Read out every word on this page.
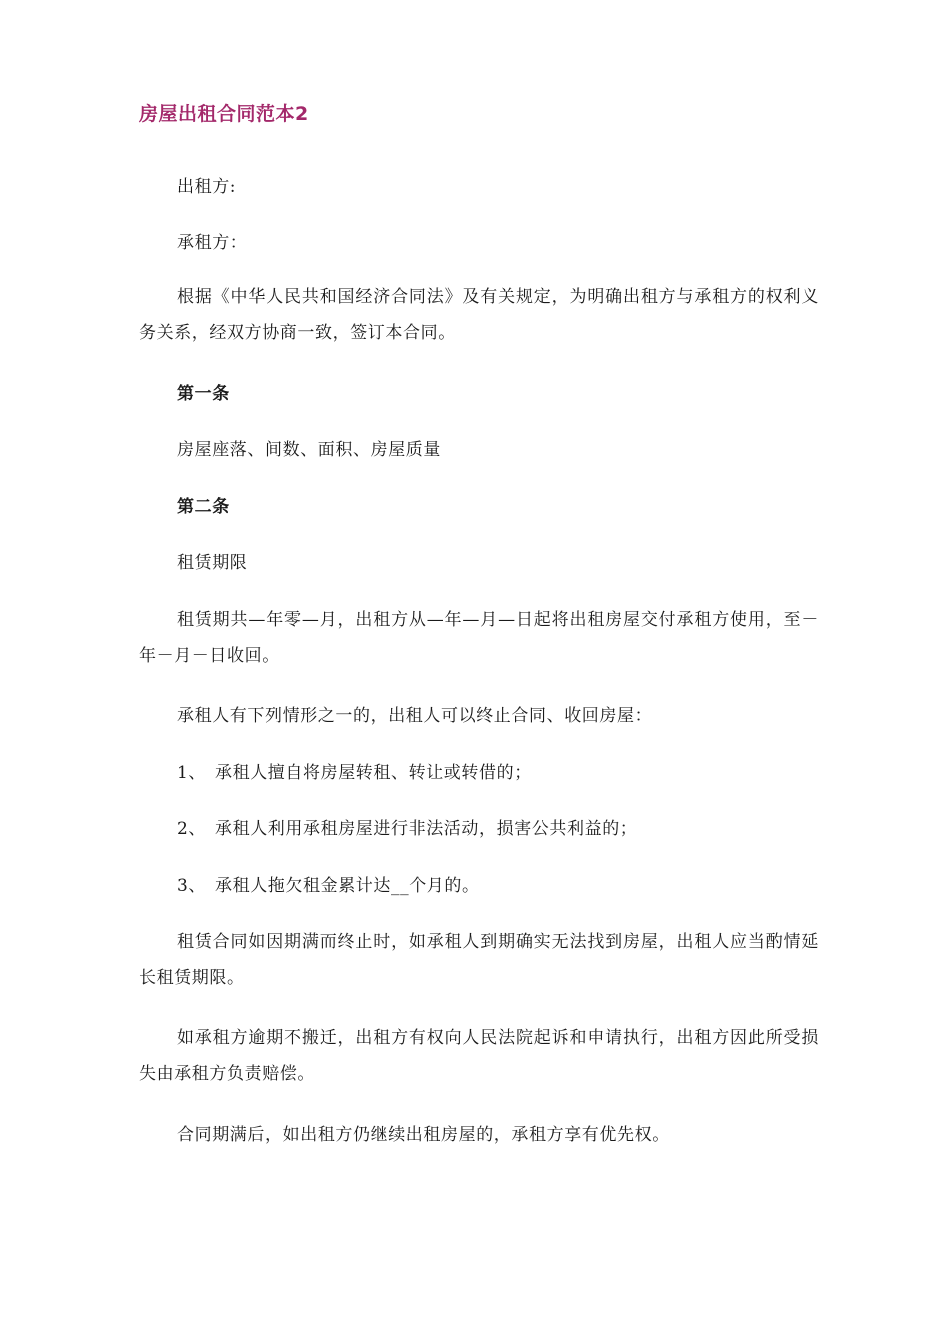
房屋出租合同范本2

出租方:

承租方：

根据《中华人民共和国经济合同法》及有关规定，为明确出租方与承租方的权利义务关系，经双方协商一致，签订本合同。

第一条

房屋座落、间数、面积、房屋质量

第二条

租赁期限

租赁期共—年零—月，出租方从—年—月—日起将出租房屋交付承租方使用，至－年－月－日收回。

承租人有下列情形之一的，出租人可以终止合同、收回房屋：

1、 承租人擅自将房屋转租、转让或转借的；

2、 承租人利用承租房屋进行非法活动，损害公共利益的；

3、 承租人拖欠租金累计达__个月的。

租赁合同如因期满而终止时，如承租人到期确实无法找到房屋，出租人应当酌情延长租赁期限。

如承租方逾期不搬迁，出租方有权向人民法院起诉和申请执行，出租方因此所受损失由承租方负责赔偿。

合同期满后，如出租方仍继续出租房屋的，承租方享有优先权。
